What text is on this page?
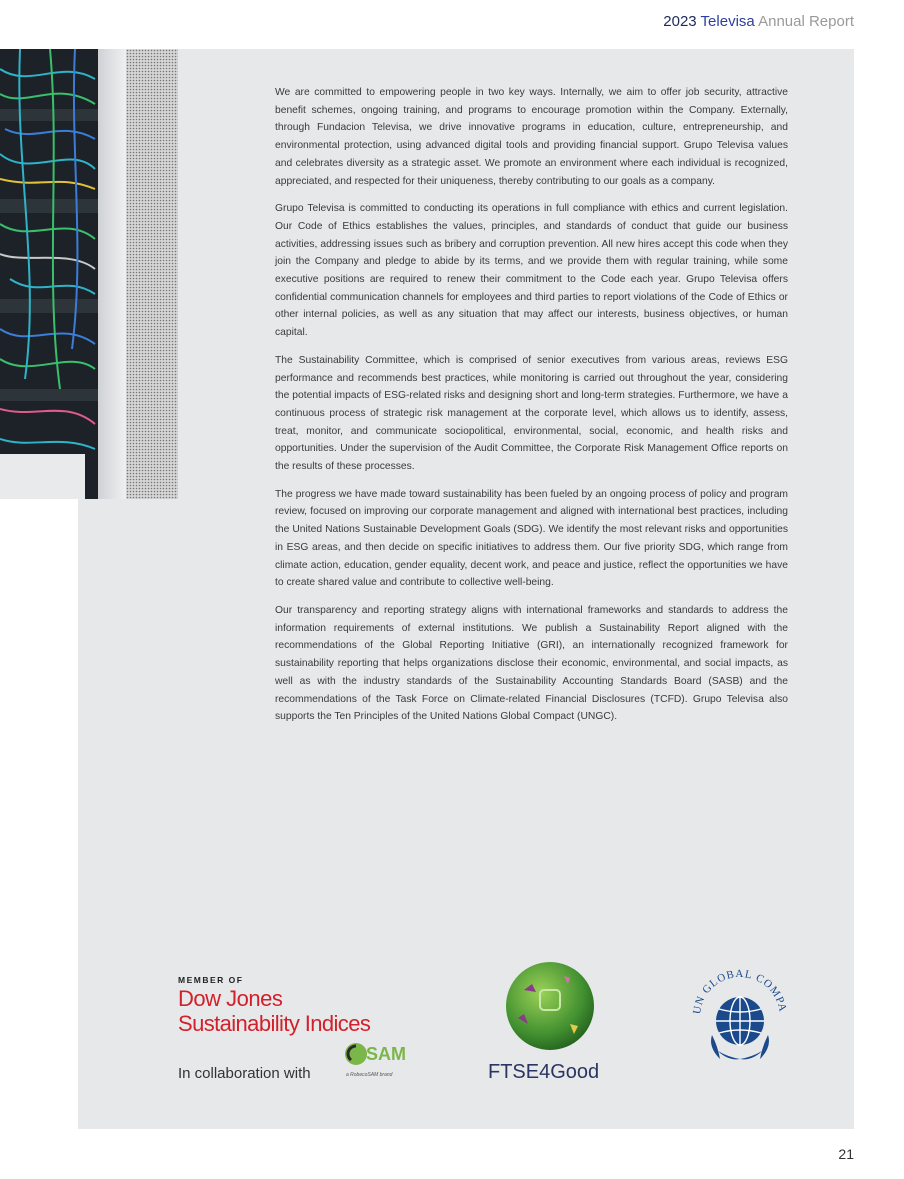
2023 Televisa Annual Report

We are committed to empowering people in two key ways. Internally, we aim to offer job security, attractive benefit schemes, ongoing training, and programs to encourage promotion within the Company. Externally, through Fundacion Televisa, we drive innovative programs in education, culture, entrepreneurship, and environmental protection, using advanced digital tools and providing financial support. Grupo Televisa values and celebrates diversity as a strategic asset. We promote an environment where each individual is recognized, appreciated, and respected for their uniqueness, thereby contributing to our goals as a company.

Grupo Televisa is committed to conducting its operations in full compliance with ethics and current legislation. Our Code of Ethics establishes the values, principles, and standards of conduct that guide our business activities, addressing issues such as bribery and corruption prevention. All new hires accept this code when they join the Company and pledge to abide by its terms, and we provide them with regular training, while some executive positions are required to renew their commitment to the Code each year. Grupo Televisa offers confidential communication channels for employees and third parties to report violations of the Code of Ethics or other internal policies, as well as any situation that may affect our interests, business objectives, or human capital.

The Sustainability Committee, which is comprised of senior executives from various areas, reviews ESG performance and recommends best practices, while monitoring is carried out throughout the year, considering the potential impacts of ESG-related risks and designing short and long-term strategies. Furthermore, we have a continuous process of strategic risk management at the corporate level, which allows us to identify, assess, treat, monitor, and communicate sociopolitical, environmental, social, economic, and health risks and opportunities. Under the supervision of the Audit Committee, the Corporate Risk Management Office reports on the results of these processes.

The progress we have made toward sustainability has been fueled by an ongoing process of policy and program review, focused on improving our corporate management and aligned with international best practices, including the United Nations Sustainable Development Goals (SDG). We identify the most relevant risks and opportunities in ESG areas, and then decide on specific initiatives to address them. Our five priority SDG, which range from climate action, education, gender equality, decent work, and peace and justice, reflect the opportunities we have to create shared value and contribute to collective well-being.

Our transparency and reporting strategy aligns with international frameworks and standards to address the information requirements of external institutions. We publish a Sustainability Report aligned with the recommendations of the Global Reporting Initiative (GRI), an internationally recognized framework for sustainability reporting that helps organizations disclose their economic, environmental, and social impacts, as well as with the industry standards of the Sustainability Accounting Standards Board (SASB) and the recommendations of the Task Force on Climate-related Financial Disclosures (TCFD). Grupo Televisa also supports the Ten Principles of the United Nations Global Compact (UNGC).

MEMBER OF
Dow Jones
Sustainability Indices
In collaboration with
SAM
a RobecoSAM brand	FTSE4Good
UN GLOBAL COMPA
21
